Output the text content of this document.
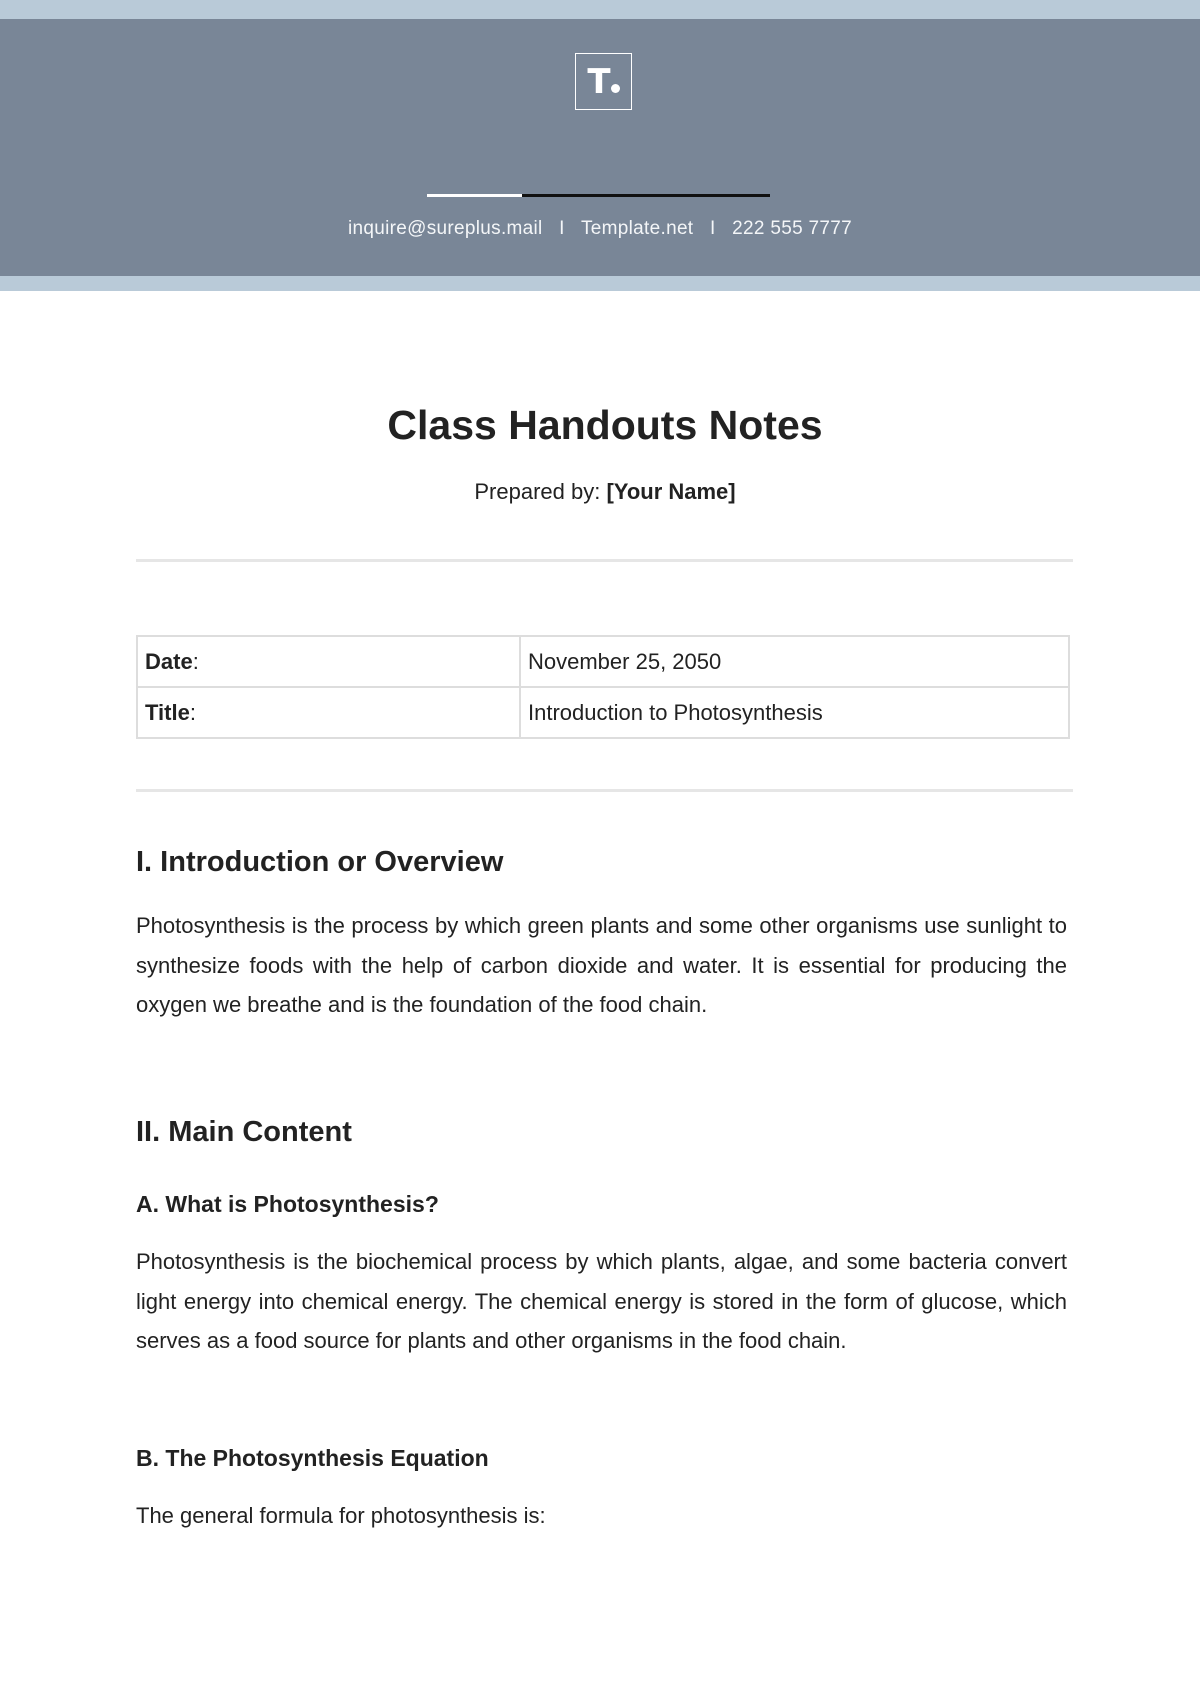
T
inquire@sureplus.mail I Template.net I 222 555 7777
Class Handouts Notes
Prepared by: [Your Name]
Date:	November 25, 2050
Title:	Introduction to Photosynthesis
I. Introduction or Overview

Photosynthesis is the process by which green plants and some other organisms use sunlight to synthesize foods with the help of carbon dioxide and water. It is essential for producing the oxygen we breathe and is the foundation of the food chain.

II. Main Content
A. What is Photosynthesis?

Photosynthesis is the biochemical process by which plants, algae, and some bacteria convert light energy into chemical energy. The chemical energy is stored in the form of glucose, which serves as a food source for plants and other organisms in the food chain.

B. The Photosynthesis Equation

The general formula for photosynthesis is:
